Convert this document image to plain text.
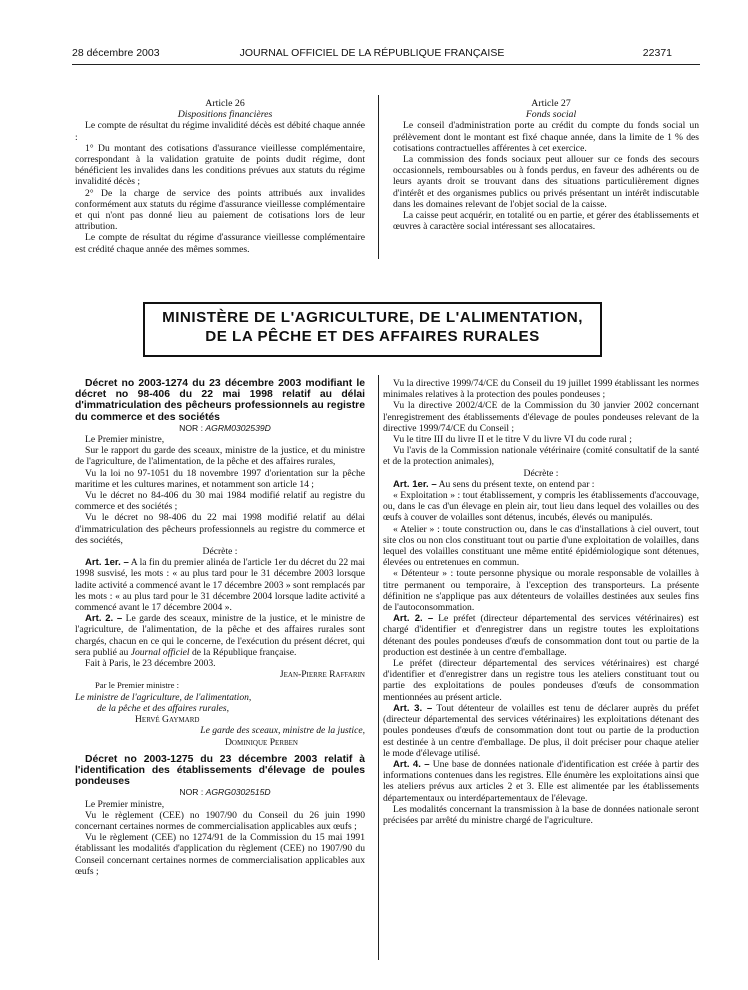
28 décembre 2003	JOURNAL OFFICIEL DE LA RÉPUBLIQUE FRANÇAISE	22371

Article 26

Dispositions financières

Le compte de résultat du régime invalidité décès est débité chaque année :

1° Du montant des cotisations d'assurance vieillesse complémentaire, correspondant à la validation gratuite de points dudit régime, dont bénéficient les invalides dans les conditions prévues aux statuts du régime invalidité décès ;

2° De la charge de service des points attribués aux invalides conformément aux statuts du régime d'assurance vieillesse complémentaire et qui n'ont pas donné lieu au paiement de cotisations lors de leur attribution.

Le compte de résultat du régime d'assurance vieillesse complémentaire est crédité chaque année des mêmes sommes.

Article 27

Fonds social

Le conseil d'administration porte au crédit du compte du fonds social un prélèvement dont le montant est fixé chaque année, dans la limite de 1 % des cotisations contractuelles afférentes à cet exercice.

La commission des fonds sociaux peut allouer sur ce fonds des secours occasionnels, remboursables ou à fonds perdus, en faveur des adhérents ou de leurs ayants droit se trouvant dans des situations particulièrement dignes d'intérêt et des organismes publics ou privés présentant un intérêt indiscutable dans les domaines relevant de l'objet social de la caisse.

La caisse peut acquérir, en totalité ou en partie, et gérer des établissements et œuvres à caractère social intéressant ses allocataires.

MINISTÈRE DE L'AGRICULTURE, DE L'ALIMENTATION,
DE LA PÊCHE ET DES AFFAIRES RURALES

Décret no 2003-1274 du 23 décembre 2003 modifiant le décret no 98-406 du 22 mai 1998 relatif au délai d'immatriculation des pêcheurs professionnels au registre du commerce et des sociétés

NOR : AGRM0302539D

Le Premier ministre,

Sur le rapport du garde des sceaux, ministre de la justice, et du ministre de l'agriculture, de l'alimentation, de la pêche et des affaires rurales,

Vu la loi no 97-1051 du 18 novembre 1997 d'orientation sur la pêche maritime et les cultures marines, et notamment son article 14 ;

Vu le décret no 84-406 du 30 mai 1984 modifié relatif au registre du commerce et des sociétés ;

Vu le décret no 98-406 du 22 mai 1998 modifié relatif au délai d'immatriculation des pêcheurs professionnels au registre du commerce et des sociétés,

Décrète :

Art. 1er. – A la fin du premier alinéa de l'article 1er du décret du 22 mai 1998 susvisé, les mots : « au plus tard pour le 31 décembre 2003 lorsque ladite activité a commencé avant le 17 décembre 2003 » sont remplacés par les mots : « au plus tard pour le 31 décembre 2004 lorsque ladite activité a commencé avant le 17 décembre 2004 ».

Art. 2. – Le garde des sceaux, ministre de la justice, et le ministre de l'agriculture, de l'alimentation, de la pêche et des affaires rurales sont chargés, chacun en ce qui le concerne, de l'exécution du présent décret, qui sera publié au Journal officiel de la République française.

Fait à Paris, le 23 décembre 2003.

Jean-Pierre Raffarin

Par le Premier ministre :

Le ministre de l'agriculture, de l'alimentation,

de la pêche et des affaires rurales,

Hervé Gaymard

Le garde des sceaux, ministre de la justice,

Dominique Perben

Décret no 2003-1275 du 23 décembre 2003 relatif à l'identification des établissements d'élevage de poules pondeuses

NOR : AGRG0302515D

Le Premier ministre,

Vu le règlement (CEE) no 1907/90 du Conseil du 26 juin 1990 concernant certaines normes de commercialisation applicables aux œufs ;

Vu le règlement (CEE) no 1274/91 de la Commission du 15 mai 1991 établissant les modalités d'application du règlement (CEE) no 1907/90 du Conseil concernant certaines normes de commercialisation applicables aux œufs ;

Vu la directive 1999/74/CE du Conseil du 19 juillet 1999 établissant les normes minimales relatives à la protection des poules pondeuses ;

Vu la directive 2002/4/CE de la Commission du 30 janvier 2002 concernant l'enregistrement des établissements d'élevage de poules pondeuses relevant de la directive 1999/74/CE du Conseil ;

Vu le titre III du livre II et le titre V du livre VI du code rural ;

Vu l'avis de la Commission nationale vétérinaire (comité consultatif de la santé et de la protection animales),

Décrète :

Art. 1er. – Au sens du présent texte, on entend par :

« Exploitation » : tout établissement, y compris les établissements d'accouvage, ou, dans le cas d'un élevage en plein air, tout lieu dans lequel des volailles ou des œufs à couver de volailles sont détenus, incubés, élevés ou manipulés.

« Atelier » : toute construction ou, dans le cas d'installations à ciel ouvert, tout site clos ou non clos constituant tout ou partie d'une exploitation de volailles, dans lequel des volailles constituant une même entité épidémiologique sont détenues, élevées ou entretenues en commun.

« Détenteur » : toute personne physique ou morale responsable de volailles à titre permanent ou temporaire, à l'exception des transporteurs. La présente définition ne s'applique pas aux détenteurs de volailles destinées aux seules fins de l'autoconsommation.

Art. 2. – Le préfet (directeur départemental des services vétérinaires) est chargé d'identifier et d'enregistrer dans un registre toutes les exploitations détenant des poules pondeuses d'œufs de consommation dont tout ou partie de la production est destinée à un centre d'emballage.

Le préfet (directeur départemental des services vétérinaires) est chargé d'identifier et d'enregistrer dans un registre tous les ateliers constituant tout ou partie des exploitations de poules pondeuses d'œufs de consommation mentionnées au présent article.

Art. 3. – Tout détenteur de volailles est tenu de déclarer auprès du préfet (directeur départemental des services vétérinaires) les exploitations détenant des poules pondeuses d'œufs de consommation dont tout ou partie de la production est destinée à un centre d'emballage. De plus, il doit préciser pour chaque atelier le mode d'élevage utilisé.

Art. 4. – Une base de données nationale d'identification est créée à partir des informations contenues dans les registres. Elle énumère les exploitations ainsi que les ateliers prévus aux articles 2 et 3. Elle est alimentée par les établissements départementaux ou interdépartementaux de l'élevage.

Les modalités concernant la transmission à la base de données nationale seront précisées par arrêté du ministre chargé de l'agriculture.
